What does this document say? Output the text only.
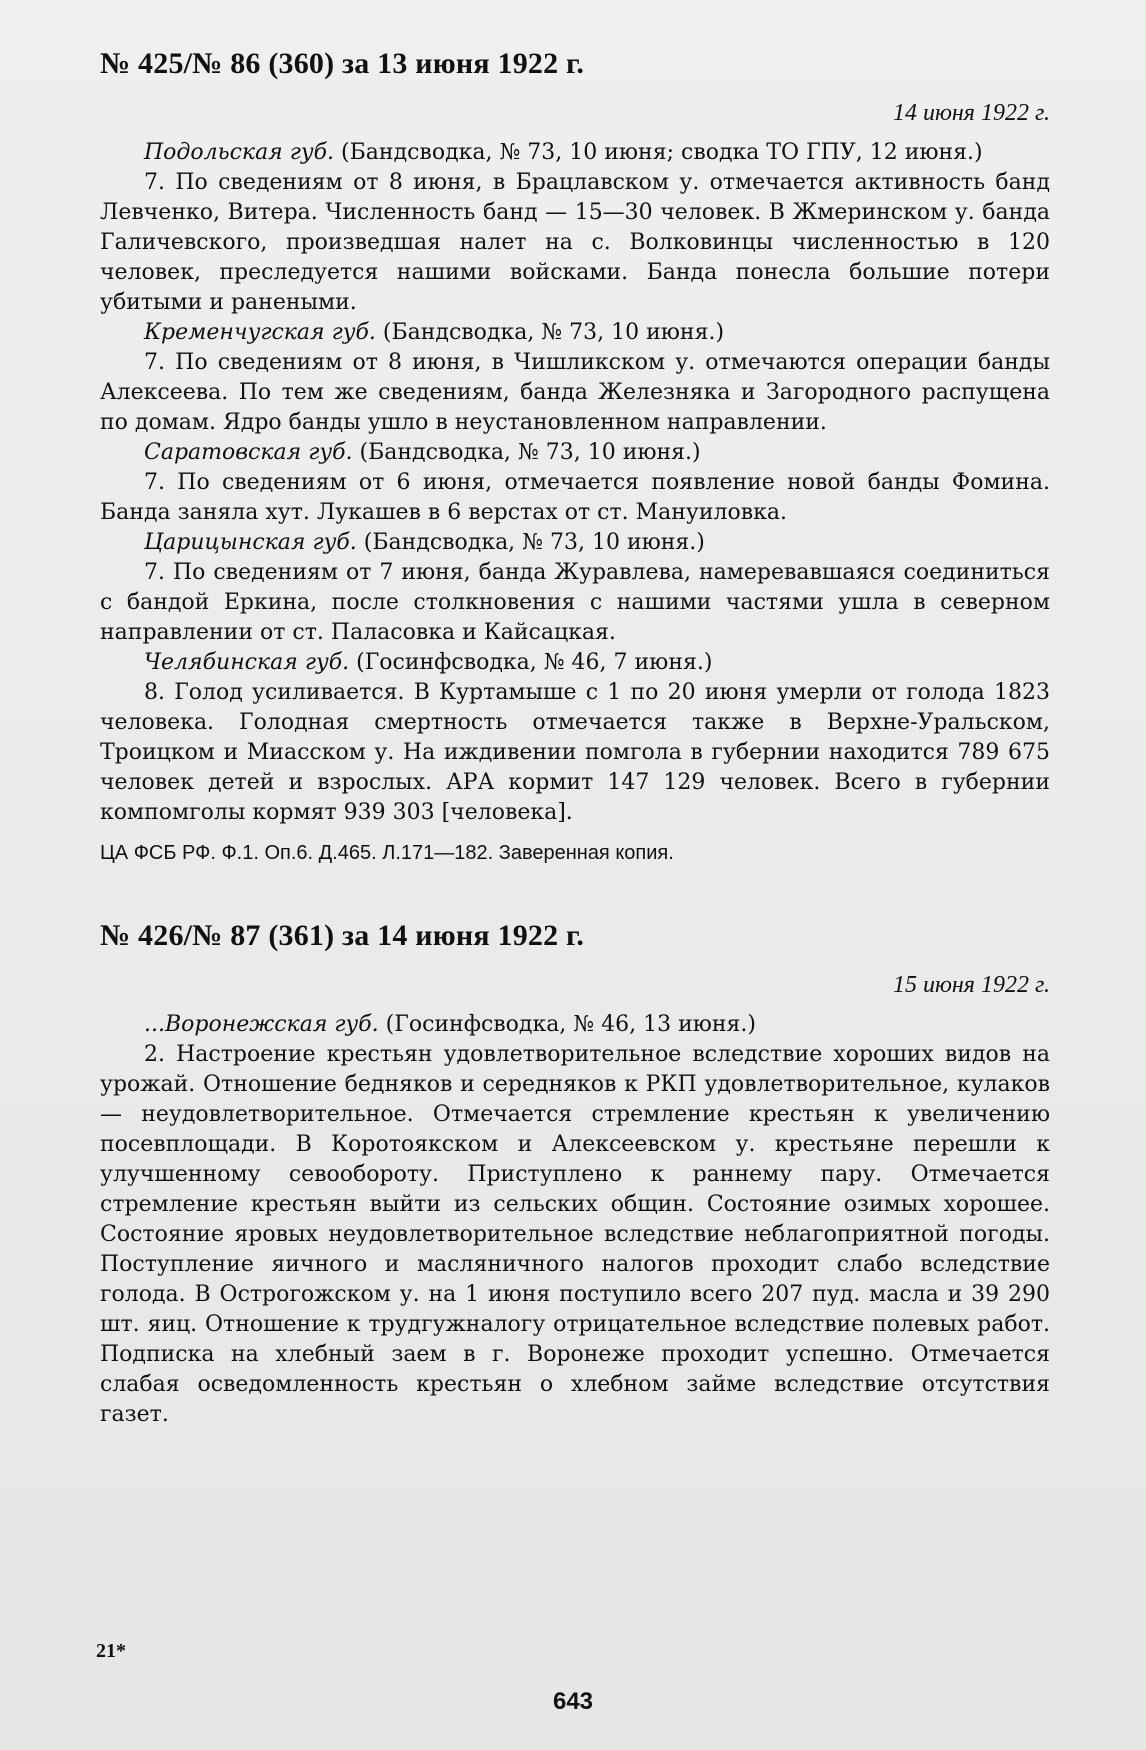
№ 425/№ 86 (360) за 13 июня 1922 г.
14 июня 1922 г.

Подольская губ. (Бандсводка, № 73, 10 июня; сводка ТО ГПУ, 12 июня.)

7. По сведениям от 8 июня, в Брацлавском у. отмечается активность банд Левченко, Витера. Численность банд — 15—30 человек. В Жмеринском у. банда Галичевского, произведшая налет на с. Волковинцы численностью в 120 человек, преследуется нашими войсками. Банда понесла большие потери убитыми и ранеными.

Кременчугская губ. (Бандсводка, № 73, 10 июня.)

7. По сведениям от 8 июня, в Чишликском у. отмечаются операции банды Алексеева. По тем же сведениям, банда Железняка и Загородного распущена по домам. Ядро банды ушло в неустановленном направлении.

Саратовская губ. (Бандсводка, № 73, 10 июня.)

7. По сведениям от 6 июня, отмечается появление новой банды Фомина. Банда заняла хут. Лукашев в 6 верстах от ст. Мануиловка.

Царицынская губ. (Бандсводка, № 73, 10 июня.)

7. По сведениям от 7 июня, банда Журавлева, намеревавшаяся соединиться с бандой Еркина, после столкновения с нашими частями ушла в северном направлении от ст. Паласовка и Кайсацкая.

Челябинская губ. (Госинфсводка, № 46, 7 июня.)

8. Голод усиливается. В Куртамыше с 1 по 20 июня умерли от голода 1823 человека. Голодная смертность отмечается также в Верхне-Уральском, Троицком и Миасском у. На иждивении помгола в губернии находится 789 675 человек детей и взрослых. АРА кормит 147 129 человек. Всего в губернии компомголы кормят 939 303 [человека].

ЦА ФСБ РФ. Ф.1. Оп.6. Д.465. Л.171—182. Заверенная копия.

№ 426/№ 87 (361) за 14 июня 1922 г.
15 июня 1922 г.

...Воронежская губ. (Госинфсводка, № 46, 13 июня.)

2. Настроение крестьян удовлетворительное вследствие хороших видов на урожай. Отношение бедняков и середняков к РКП удовлетворительное, кулаков — неудовлетворительное. Отмечается стремление крестьян к увеличению посевплощади. В Коротоякском и Алексеевском у. крестьяне перешли к улучшенному севообороту. Приступлено к раннему пару. Отмечается стремление крестьян выйти из сельских общин. Состояние озимых хорошее. Состояние яровых неудовлетворительное вследствие неблагоприятной погоды. Поступление яичного и масляничного налогов проходит слабо вследствие голода. В Острогожском у. на 1 июня поступило всего 207 пуд. масла и 39 290 шт. яиц. Отношение к трудгужналогу отрицательное вследствие полевых работ. Подписка на хлебный заем в г. Воронеже проходит успешно. Отмечается слабая осведомленность крестьян о хлебном займе вследствие отсутствия газет.

21*
643
